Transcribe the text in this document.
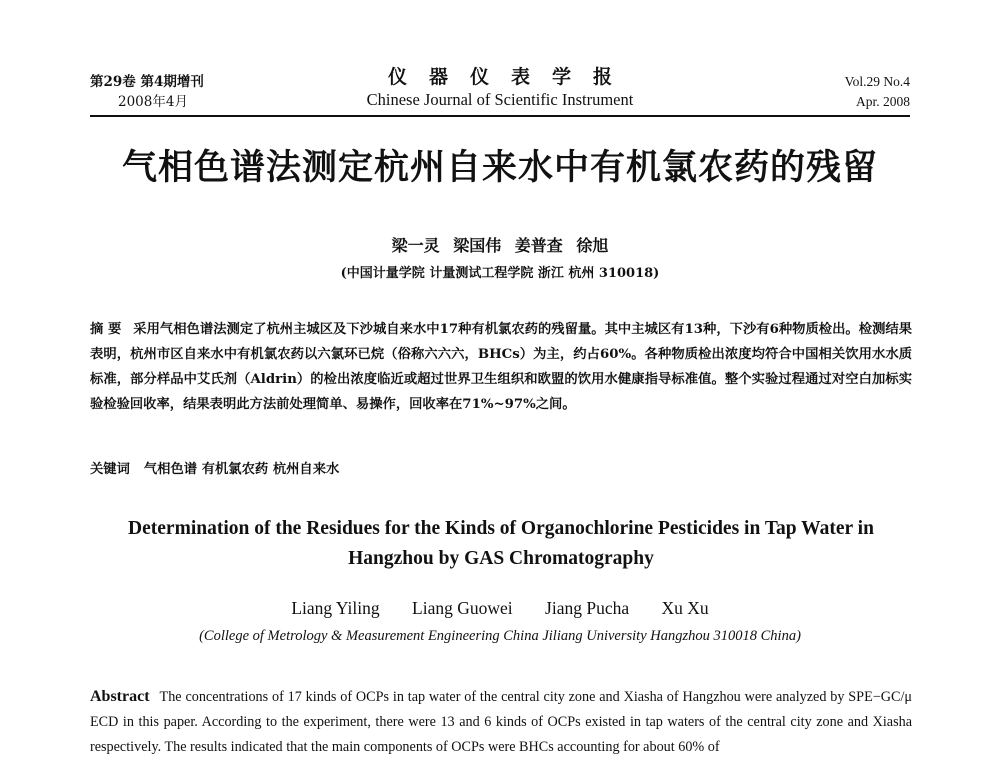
第29卷 第4期增刊
2008年4月
仪器仪表学报
Chinese Journal of Scientific Instrument
Vol.29 No.4
Apr. 2008
气相色谱法测定杭州自来水中有机氯农药的残留
梁一灵 梁国伟 姜普查 徐旭
(中国计量学院 计量测试工程学院 浙江 杭州 310018)
摘 要 采用气相色谱法测定了杭州主城区及下沙城自来水中17种有机氯农药的残留量。其中主城区有13种，下沙有6种物质检出。检测结果表明，杭州市区自来水中有机氯农药以六氯环已烷（俗称六六六，BHCs）为主，约占60%。各种物质检出浓度均符合中国相关饮用水水质标准，部分样品中艾氏剂（Aldrin）的检出浓度临近或超过世界卫生组织和欧盟的饮用水健康指导标准值。整个实验过程通过对空白加标实验检验回收率，结果表明此方法前处理简单、易操作，回收率在71%~97%之间。
关键词 气相色谱 有机氯农药 杭州自来水
Determination of the Residues for the Kinds of Organochlorine Pesticides in Tap Water in Hangzhou by GAS Chromatography
Liang Yiling Liang Guowei Jiang Pucha Xu Xu
(College of Metrology & Measurement Engineering China Jiliang University Hangzhou 310018 China)
Abstract The concentrations of 17 kinds of OCPs in tap water of the central city zone and Xiasha of Hangzhou were analyzed by SPE−GC/μ ECD in this paper. According to the experiment, there were 13 and 6 kinds of OCPs existed in tap waters of the central city zone and Xiasha respectively. The results indicated that the main components of OCPs were BHCs accounting for about 60% of
